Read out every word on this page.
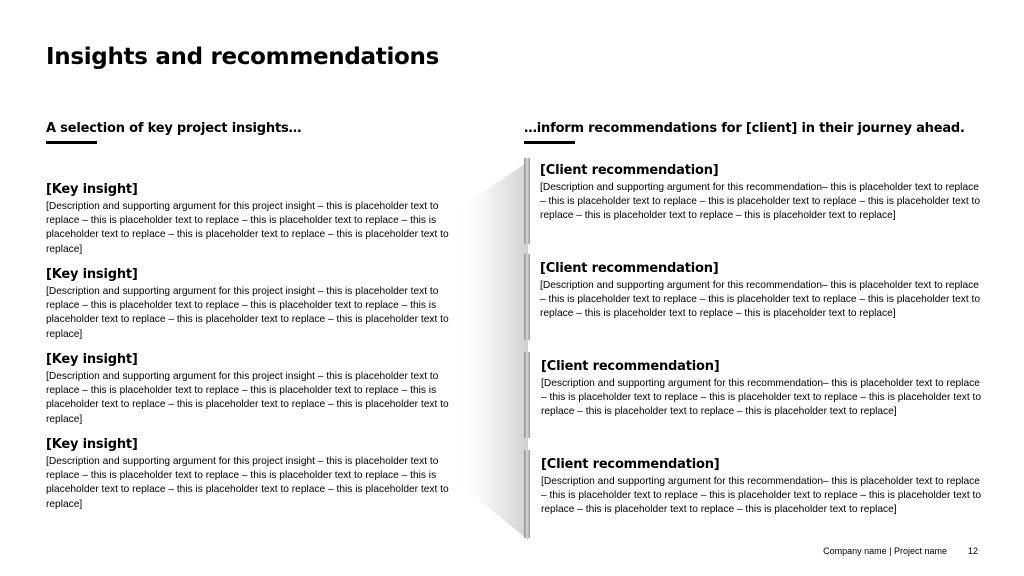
Insights and recommendations
A selection of key project insights…	…inform recommendations for [client] in their journey ahead.
[Key insight]
[Description and supporting argument for this project insight – this is placeholder text to replace – this is placeholder text to replace – this is placeholder text to replace – this is placeholder text to replace – this is placeholder text to replace – this is placeholder text to replace]
[Key insight]
[Description and supporting argument for this project insight – this is placeholder text to replace – this is placeholder text to replace – this is placeholder text to replace – this is placeholder text to replace – this is placeholder text to replace – this is placeholder text to replace]
[Key insight]
[Description and supporting argument for this project insight – this is placeholder text to replace – this is placeholder text to replace – this is placeholder text to replace – this is placeholder text to replace – this is placeholder text to replace – this is placeholder text to replace]
[Key insight]
[Description and supporting argument for this project insight – this is placeholder text to replace – this is placeholder text to replace – this is placeholder text to replace – this is placeholder text to replace – this is placeholder text to replace – this is placeholder text to replace]
[Client recommendation]
[Description and supporting argument for this recommendation– this is placeholder text to replace – this is placeholder text to replace – this is placeholder text to replace – this is placeholder text to replace – this is placeholder text to replace – this is placeholder text to replace]
[Client recommendation]
[Description and supporting argument for this recommendation– this is placeholder text to replace – this is placeholder text to replace – this is placeholder text to replace – this is placeholder text to replace – this is placeholder text to replace – this is placeholder text to replace]
[Client recommendation]
[Description and supporting argument for this recommendation– this is placeholder text to replace – this is placeholder text to replace – this is placeholder text to replace – this is placeholder text to replace – this is placeholder text to replace – this is placeholder text to replace]
[Client recommendation]
[Description and supporting argument for this recommendation– this is placeholder text to replace – this is placeholder text to replace – this is placeholder text to replace – this is placeholder text to replace – this is placeholder text to replace – this is placeholder text to replace]
Company name | Project name 12
